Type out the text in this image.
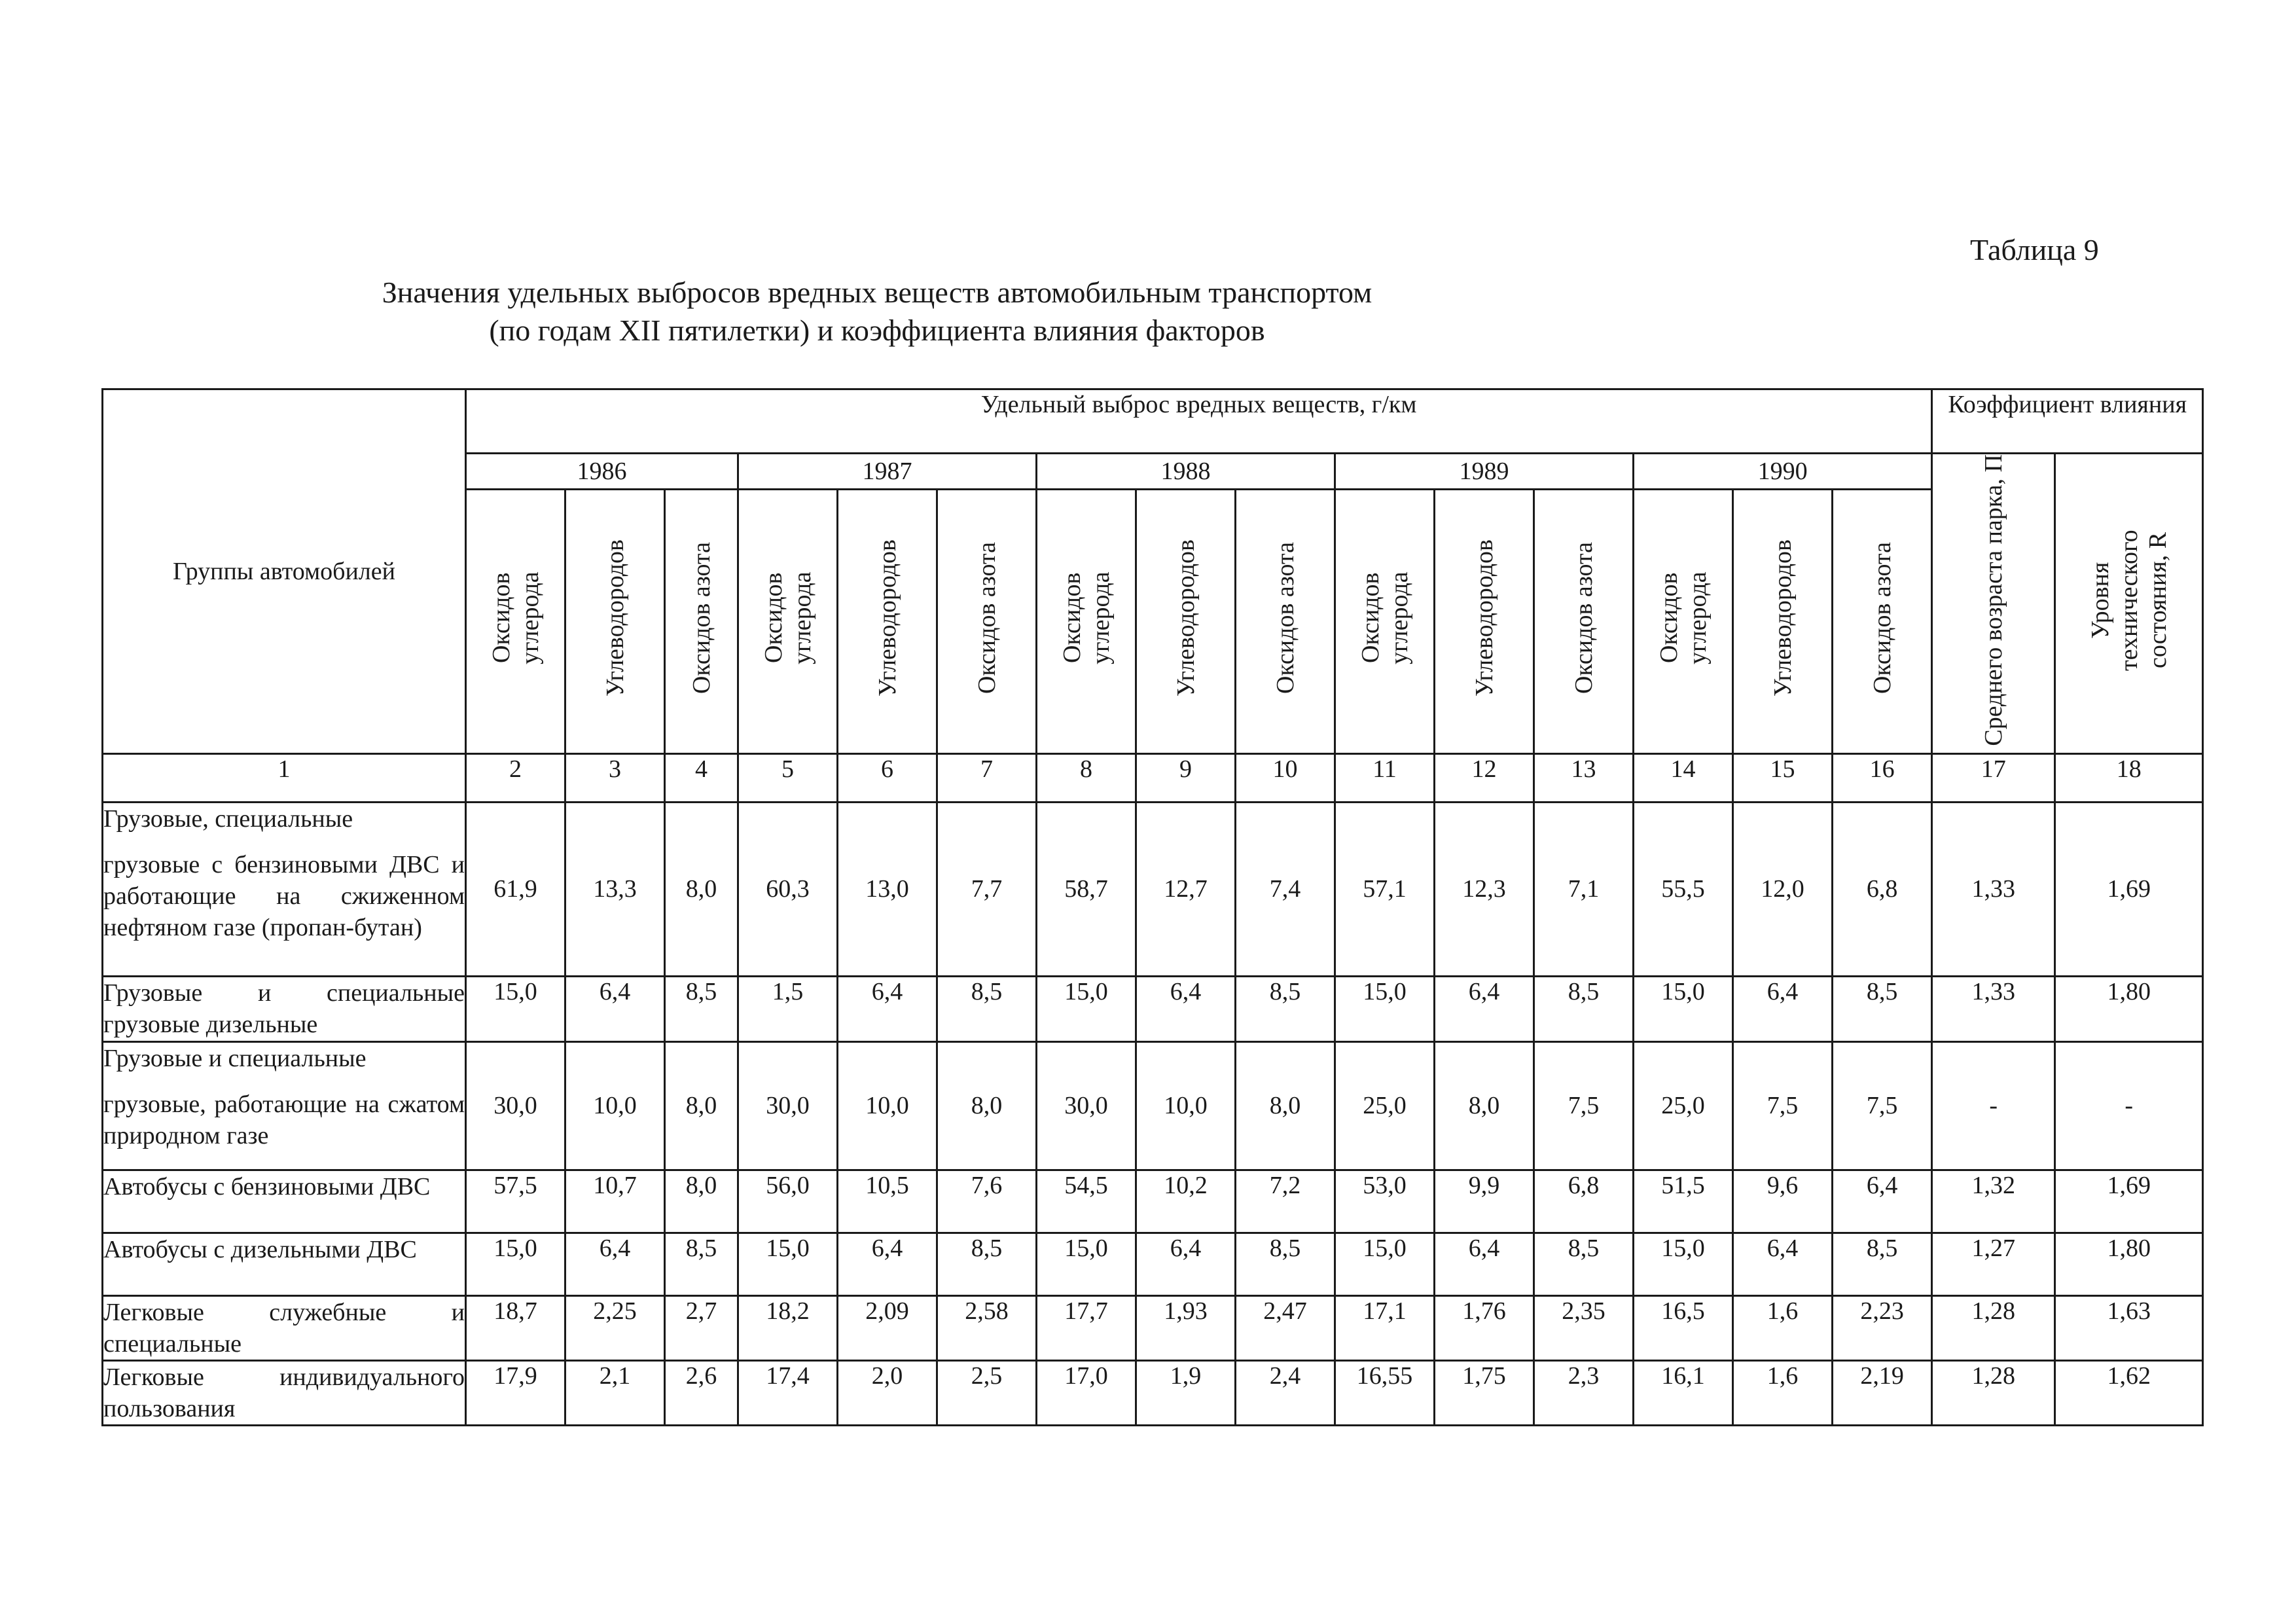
Таблица 9
Значения удельных выбросов вредных веществ автомобильным транспортом
(по годам XII пятилетки) и коэффициента влияния факторов
Группы автомобилей	Удельный выброс вредных веществ, г/км															Коэффициент влияния	
	1986			1987			1988			1989			1990			Среднего возраста парка, П	Уровня технического состояния, R
	Оксидов углерода	Углеводородов	Оксидов азота	Оксидов углерода	Углеводородов	Оксидов азота	Оксидов углерода	Углеводородов	Оксидов азота	Оксидов углерода	Углеводородов	Оксидов азота	Оксидов углерода	Углеводородов	Оксидов азота		
1	2	3	4	5	6	7	8	9	10	11	12	13	14	15	16	17	18

Грузовые, специальные
грузовые с бензиновыми ДВС и работающие на сжиженном нефтяном газе (пропан-бутан)	61,9	13,3	8,0	60,3	13,0	7,7	58,7	12,7	7,4	57,1	12,3	7,1	55,5	12,0	6,8	1,33	1,69
Грузовые и специальные грузовые дизельные	15,0	6,4	8,5	1,5	6,4	8,5	15,0	6,4	8,5	15,0	6,4	8,5	15,0	6,4	8,5	1,33	1,80

Грузовые и специальные
грузовые, работающие на сжатом природном газе	30,0	10,0	8,0	30,0	10,0	8,0	30,0	10,0	8,0	25,0	8,0	7,5	25,0	7,5	7,5	-	-
Автобусы с бензиновыми ДВС	57,5	10,7	8,0	56,0	10,5	7,6	54,5	10,2	7,2	53,0	9,9	6,8	51,5	9,6	6,4	1,32	1,69
Автобусы с дизельными ДВС	15,0	6,4	8,5	15,0	6,4	8,5	15,0	6,4	8,5	15,0	6,4	8,5	15,0	6,4	8,5	1,27	1,80
Легковые служебные и специальные	18,7	2,25	2,7	18,2	2,09	2,58	17,7	1,93	2,47	17,1	1,76	2,35	16,5	1,6	2,23	1,28	1,63
Легковые индивидуального пользования	17,9	2,1	2,6	17,4	2,0	2,5	17,0	1,9	2,4	16,55	1,75	2,3	16,1	1,6	2,19	1,28	1,62
